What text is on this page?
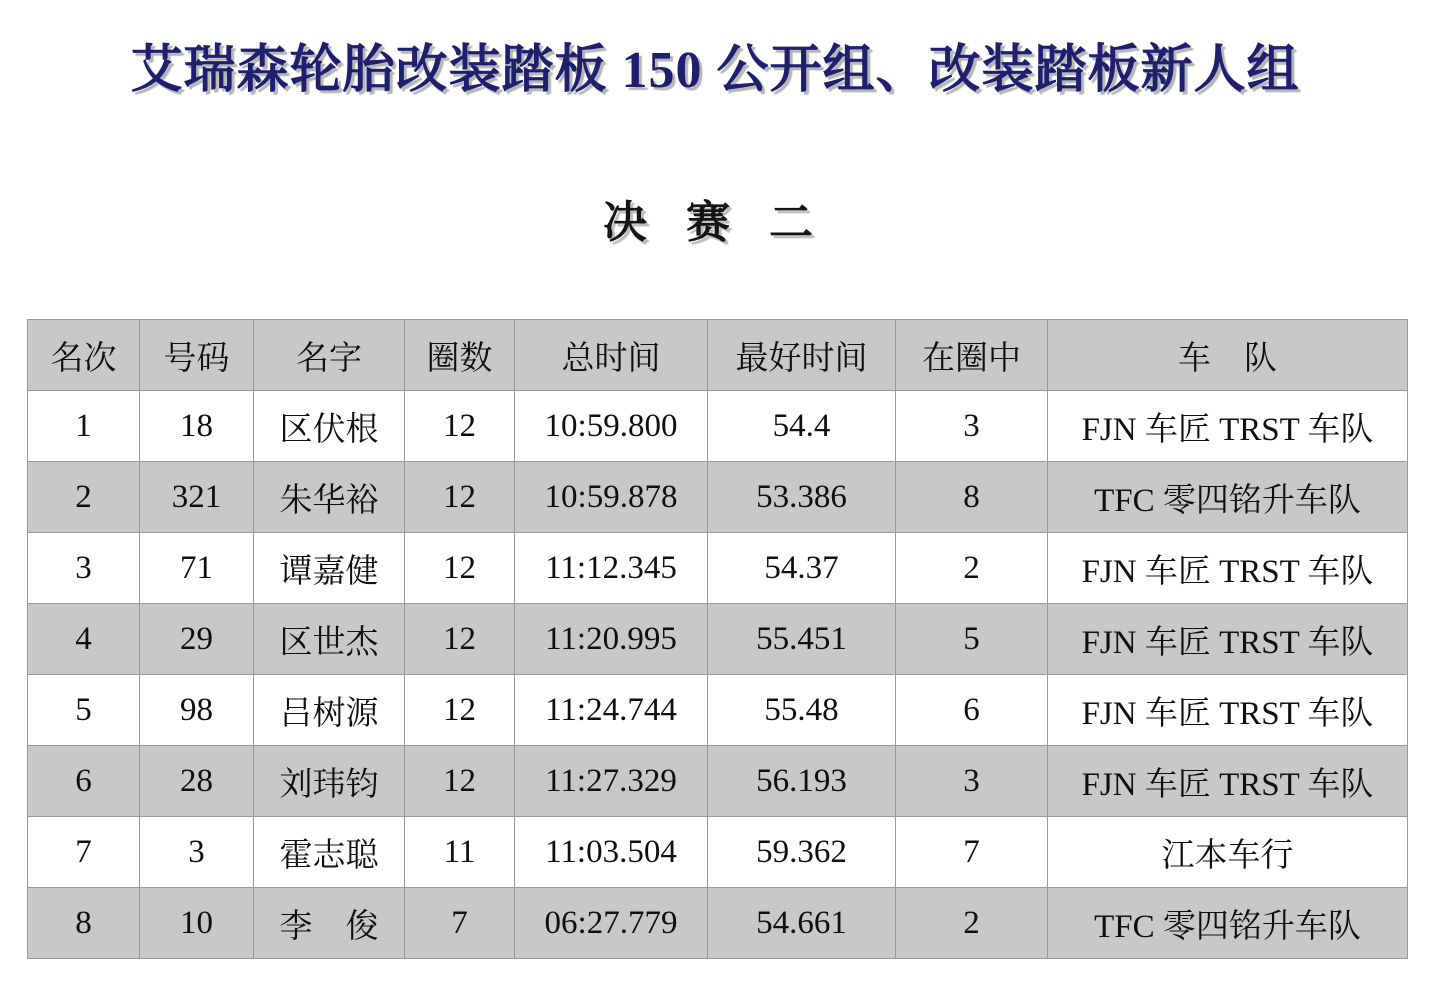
艾瑞森轮胎改装踏板 150 公开组、改装踏板新人组
决 赛 二
名次	号码	名字	圈数	总时间	最好时间	在圈中	车　队
1	18	区伏根	12	10:59.800	54.4	3	FJN 车匠 TRST 车队
2	321	朱华裕	12	10:59.878	53.386	8	TFC 零四铭升车队
3	71	谭嘉健	12	11:12.345	54.37	2	FJN 车匠 TRST 车队
4	29	区世杰	12	11:20.995	55.451	5	FJN 车匠 TRST 车队
5	98	吕树源	12	11:24.744	55.48	6	FJN 车匠 TRST 车队
6	28	刘玮钧	12	11:27.329	56.193	3	FJN 车匠 TRST 车队
7	3	霍志聪	11	11:03.504	59.362	7	江本车行
8	10	李　俊	7	06:27.779	54.661	2	TFC 零四铭升车队
